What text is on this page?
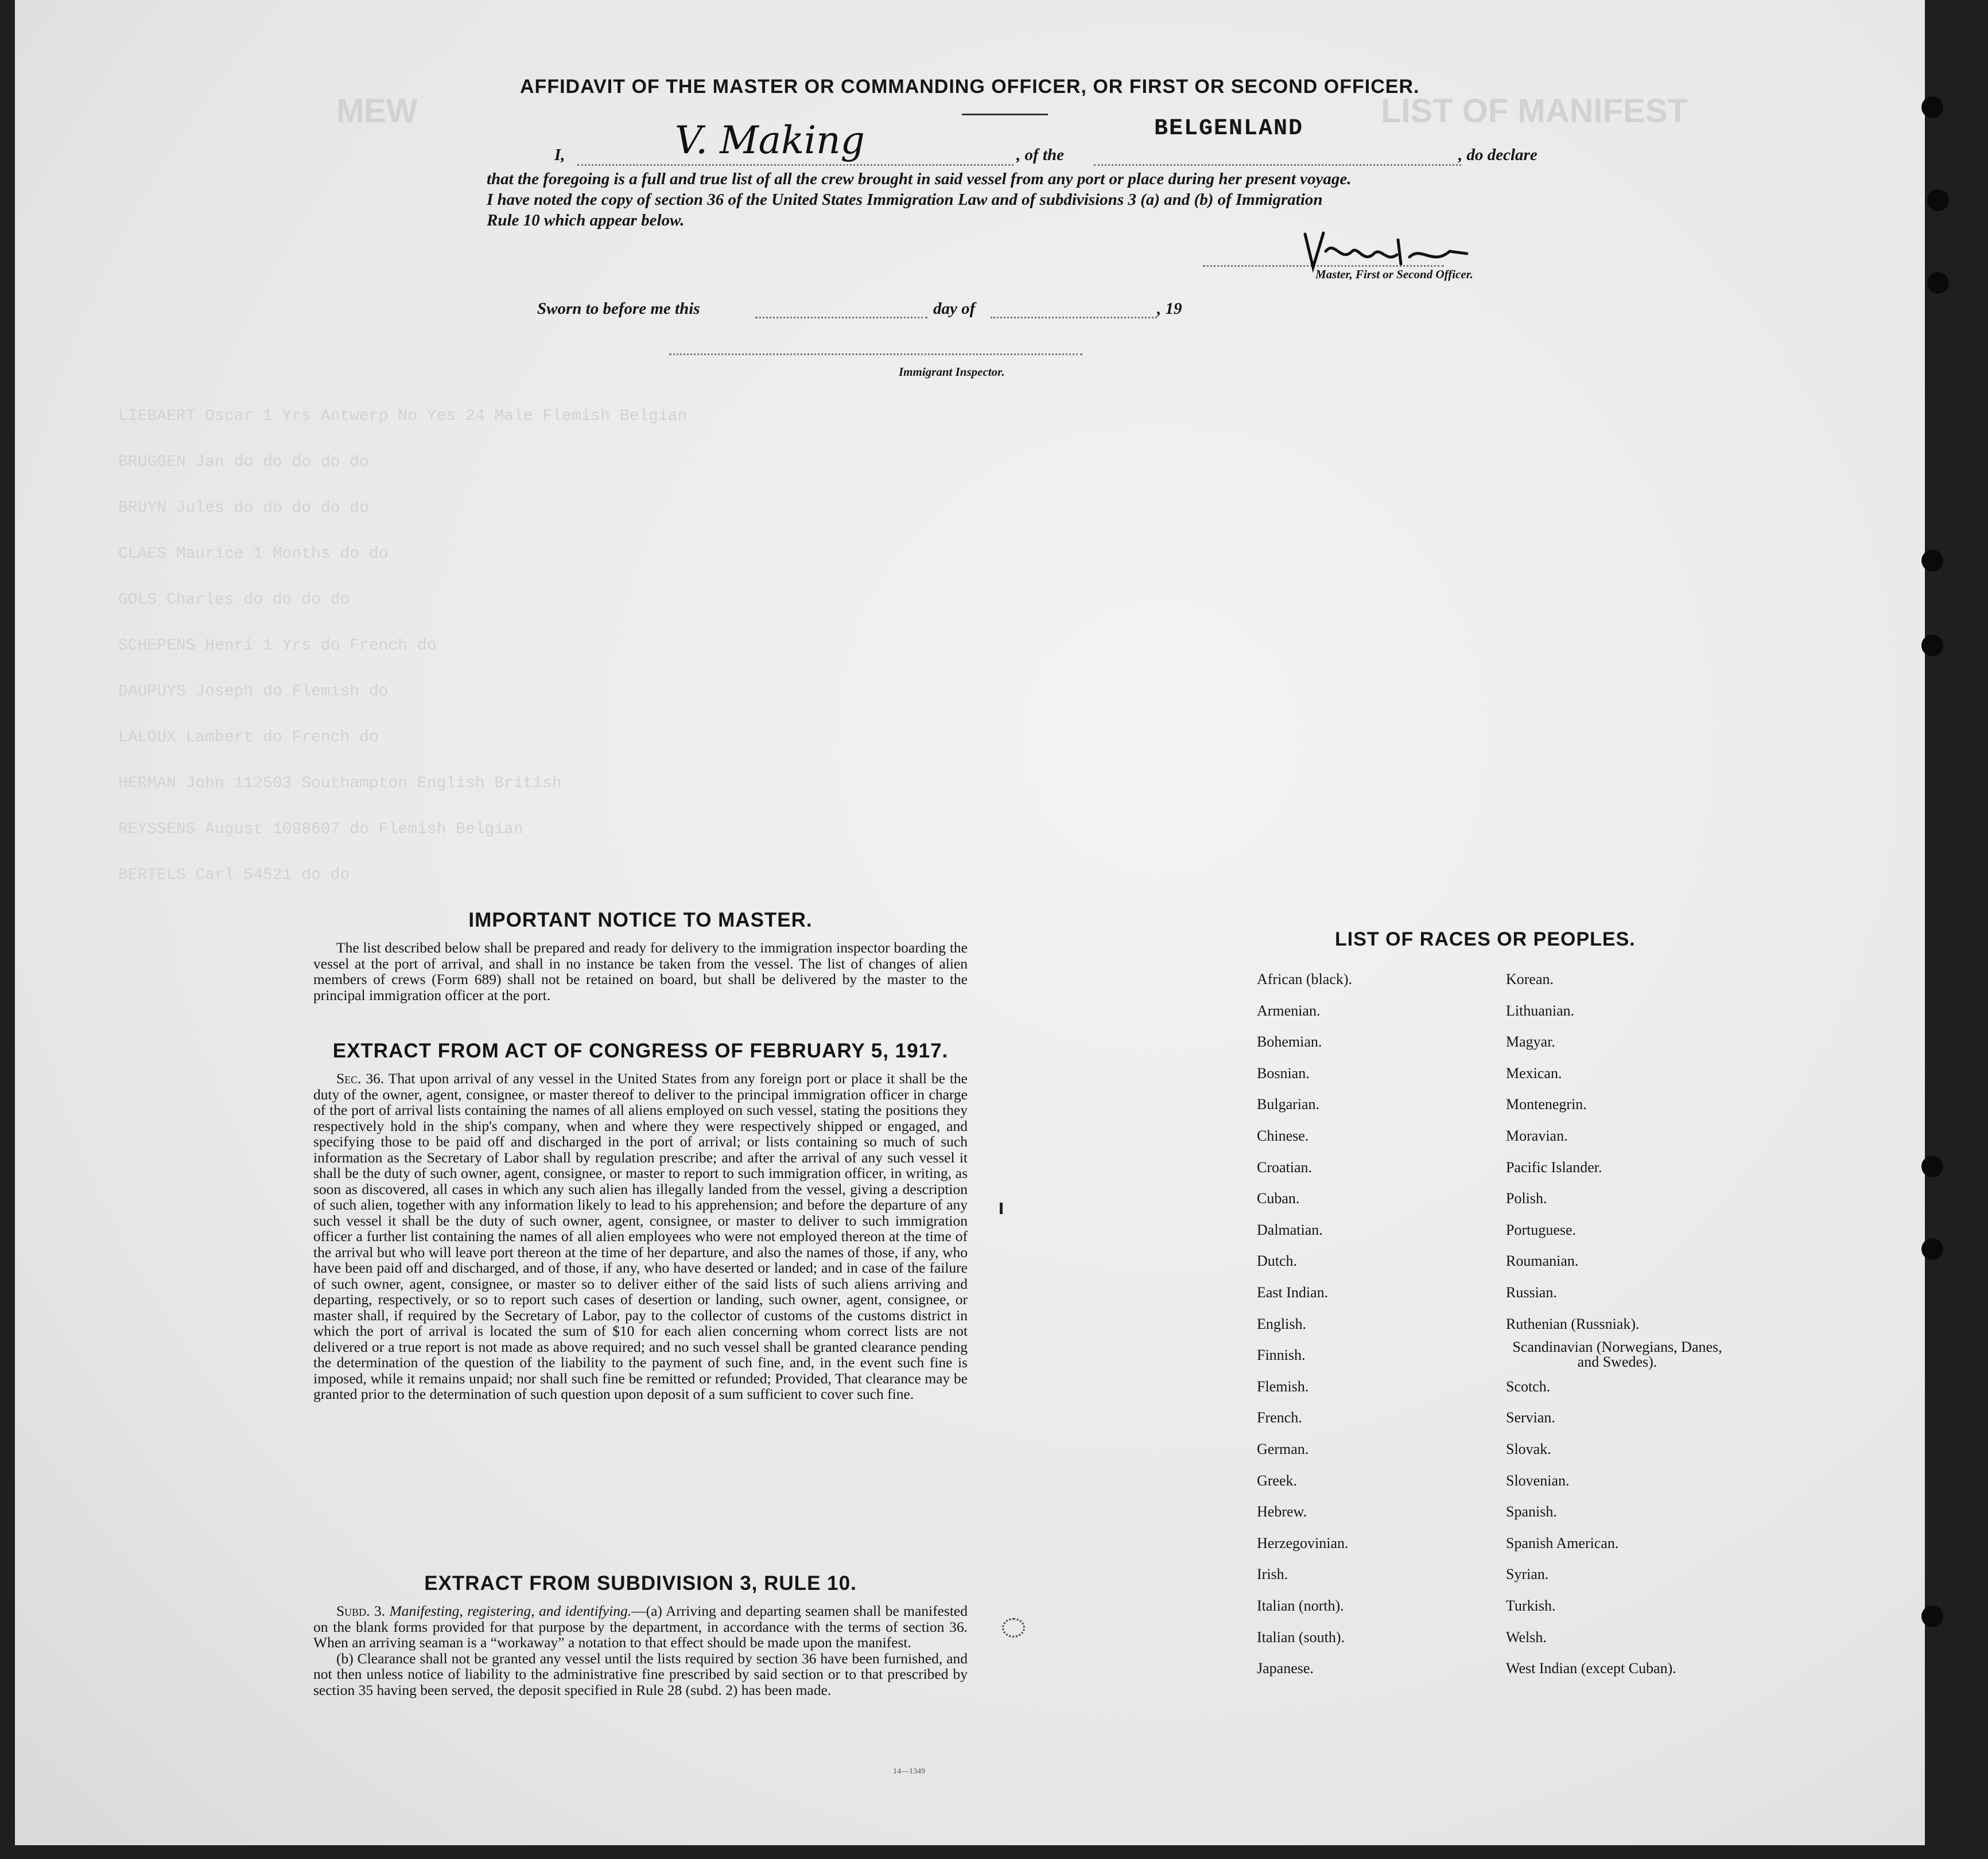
MEW	LIST OF MANIFEST
LIEBAERT Oscar 1 Yrs Antwerp No Yes 24 Male Flemish Belgian
BRUGGEN Jan do do do do do
BRUYN Jules do do do do do
CLAES Maurice 1 Months do do
GOLS Charles do do do do
SCHEPENS Henri 1 Yrs do French do
DAUPUYS Joseph do Flemish do
LALOUX Lambert do French do
HERMAN John 112503 Southampton English British
REYSSENS August 1098607 do Flemish Belgian
BERTELS Carl 54521 do do
AFFIDAVIT OF THE MASTER OR COMMANDING OFFICER, OR FIRST OR SECOND OFFICER.
I,	V. Making	, of the
BELGENLAND
, do declare
that the foregoing is a full and true list of all the crew brought in said vessel from any port or place during her present voyage.
I have noted the copy of section 36 of the United States Immigration Law and of subdivisions 3 (a) and (b) of Immigration
Rule 10 which appear below.
Master, First or Second Officer.
Sworn to before me this	day of	, 19
Immigrant Inspector.
IMPORTANT NOTICE TO MASTER.
The list described below shall be prepared and ready for delivery to the immigration inspector boarding the vessel at the port of arrival, and shall in no instance be taken from the vessel. The list of changes of alien members of crews (Form 689) shall not be retained on board, but shall be delivered by the master to the principal immigration officer at the port.
EXTRACT FROM ACT OF CONGRESS OF FEBRUARY 5, 1917.
Sec. 36. That upon arrival of any vessel in the United States from any foreign port or place it shall be the duty of the owner, agent, consignee, or master thereof to deliver to the principal immigration officer in charge of the port of arrival lists containing the names of all aliens employed on such vessel, stating the positions they respectively hold in the ship's company, when and where they were respectively shipped or engaged, and specifying those to be paid off and discharged in the port of arrival; or lists containing so much of such information as the Secretary of Labor shall by regulation prescribe; and after the arrival of any such vessel it shall be the duty of such owner, agent, consignee, or master to report to such immigration officer, in writing, as soon as discovered, all cases in which any such alien has illegally landed from the vessel, giving a description of such alien, together with any information likely to lead to his apprehension; and before the departure of any such vessel it shall be the duty of such owner, agent, consignee, or master to deliver to such immigration officer a further list containing the names of all alien employees who were not employed thereon at the time of the arrival but who will leave port thereon at the time of her departure, and also the names of those, if any, who have been paid off and discharged, and of those, if any, who have deserted or landed; and in case of the failure of such owner, agent, consignee, or master so to deliver either of the said lists of such aliens arriving and departing, respectively, or so to report such cases of desertion or landing, such owner, agent, consignee, or master shall, if required by the Secretary of Labor, pay to the collector of customs of the customs district in which the port of arrival is located the sum of $10 for each alien concerning whom correct lists are not delivered or a true report is not made as above required; and no such vessel shall be granted clearance pending the determination of the question of the liability to the payment of such fine, and, in the event such fine is imposed, while it remains unpaid; nor shall such fine be remitted or refunded; Provided, That clearance may be granted prior to the determination of such question upon deposit of a sum sufficient to cover such fine.
EXTRACT FROM SUBDIVISION 3, RULE 10.
Subd. 3. Manifesting, registering, and identifying.—(a) Arriving and departing seamen shall be manifested on the blank forms provided for that purpose by the department, in accordance with the terms of section 36. When an arriving seaman is a “workaway” a notation to that effect should be made upon the manifest.
(b) Clearance shall not be granted any vessel until the lists required by section 36 have been furnished, and not then unless notice of liability to the administrative fine prescribed by said section or to that prescribed by section 35 having been served, the deposit specified in Rule 28 (subd. 2) has been made.
LIST OF RACES OR PEOPLES.
African (black).
Armenian.
Bohemian.
Bosnian.
Bulgarian.
Chinese.
Croatian.
Cuban.
Dalmatian.
Dutch.
East Indian.
English.
Finnish.
Flemish.
French.
German.
Greek.
Hebrew.
Herzegovinian.
Irish.
Italian (north).
Italian (south).
Japanese.
Korean.
Lithuanian.
Magyar.
Mexican.
Montenegrin.
Moravian.
Pacific Islander.
Polish.
Portuguese.
Roumanian.
Russian.
Ruthenian (Russniak).
Scandinavian (Norwegians, Danes, and Swedes).
Scotch.
Servian.
Slovak.
Slovenian.
Spanish.
Spanish American.
Syrian.
Turkish.
Welsh.
West Indian (except Cuban).
14—1349
